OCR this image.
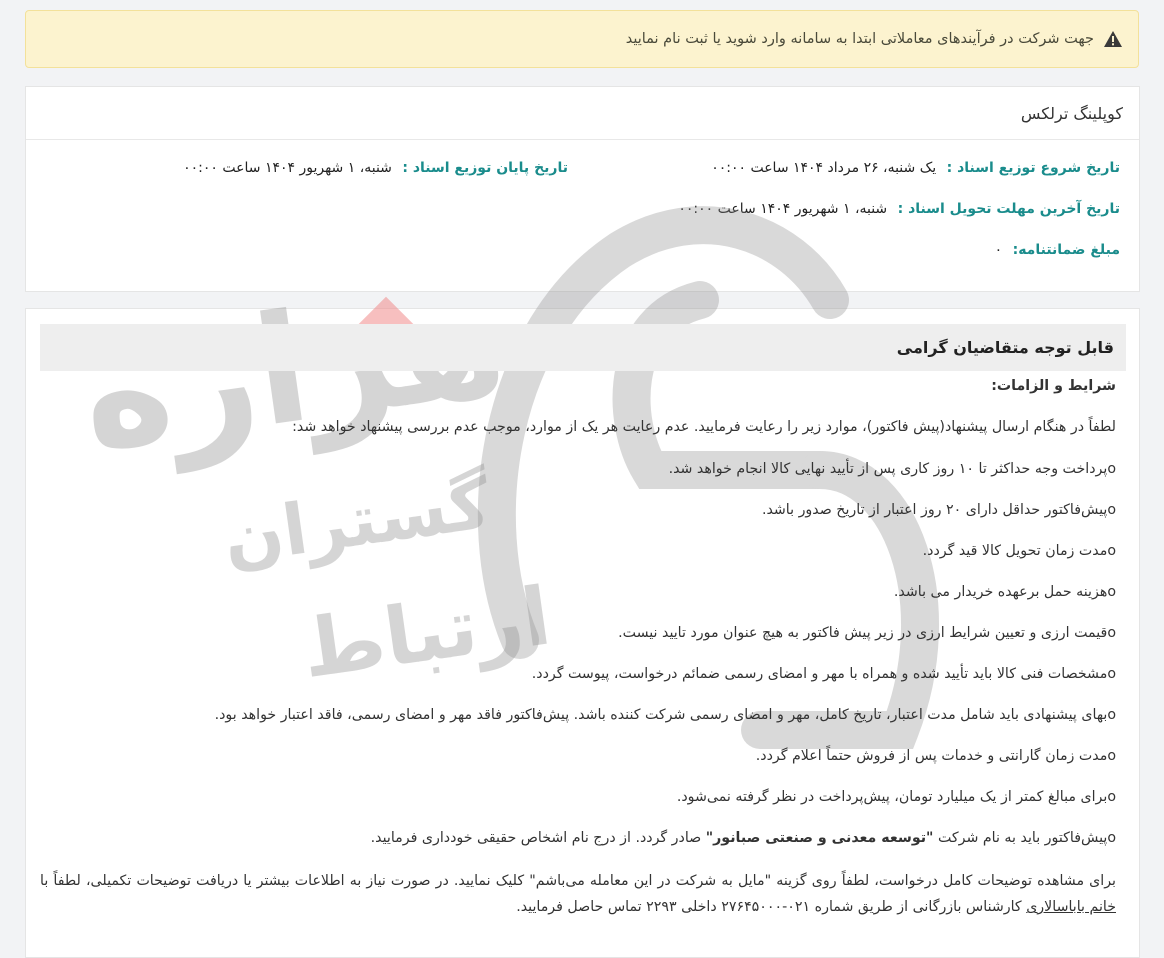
جهت شرکت در فرآیندهای معاملاتی ابتدا به سامانه وارد شوید یا ثبت نام نمایید
کوپلینگ ترلکس
تاریخ شروع توزیع اسناد : یک شنبه، ۲۶ مرداد ۱۴۰۴ ساعت ۰۰:۰۰
تاریخ پایان توزیع اسناد : شنبه، ۱ شهریور ۱۴۰۴ ساعت ۰۰:۰۰
تاریخ آخرین مهلت تحویل اسناد : شنبه، ۱ شهریور ۱۴۰۴ ساعت ۰۰:۰۰
مبلغ ضمانتنامه: ۰
گستران
ارتباط
قابل توجه متقاضیان گرامی
شرایط و الزامات:
لطفاً در هنگام ارسال پیشنهاد(پیش فاکتور)، موارد زیر را رعایت فرمایید. عدم رعایت هر یک از موارد، موجب عدم بررسی پیشنهاد خواهد شد:
oپرداخت وجه حداکثر تا ۱۰ روز کاری پس از تأیید نهایی کالا انجام خواهد شد.
oپیش‌فاکتور حداقل دارای ۲۰ روز اعتبار از تاریخ صدور باشد.
oمدت زمان تحویل کالا قید گردد.
oهزینه حمل برعهده خریدار می باشد.
oقیمت ارزی و تعیین شرایط ارزی در زیر پیش فاکتور به هیچ عنوان مورد تایید نیست.
oمشخصات فنی کالا باید تأیید شده و همراه با مهر و امضای رسمی ضمائم درخواست، پیوست گردد.
oبهای پیشنهادی باید شامل مدت اعتبار، تاریخ کامل، مهر و امضای رسمی شرکت کننده باشد. پیش‌فاکتور فاقد مهر و امضای رسمی، فاقد اعتبار خواهد بود.
oمدت زمان گارانتی و خدمات پس از فروش حتماً اعلام گردد.
oبرای مبالغ کمتر از یک میلیارد تومان، پیش‌پرداخت در نظر گرفته نمی‌شود.
oپیش‌فاکتور باید به نام شرکت "توسعه معدنی و صنعتی صبانور" صادر گردد. از درج نام اشخاص حقیقی خودداری فرمایید.
برای مشاهده توضیحات کامل درخواست، لطفاً روی گزینه "مایل به شرکت در این معامله می‌باشم" کلیک نمایید. در صورت نیاز به اطلاعات بیشتر یا دریافت توضیحات تکمیلی، لطفاً با خانم باباسالاری کارشناس بازرگانی از طریق شماره ۰۲۱-۲۷۶۴۵۰۰۰ داخلی ۲۲۹۳ تماس حاصل فرمایید.
